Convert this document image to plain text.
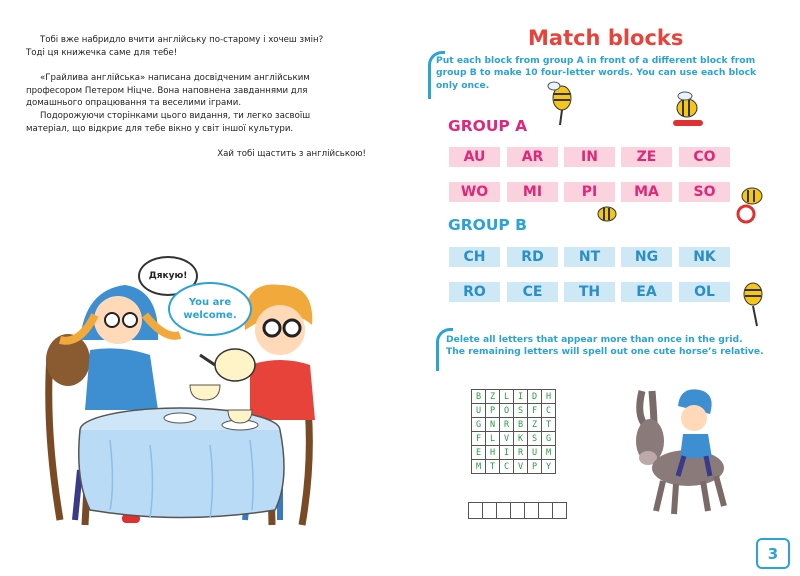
Тобі вже набридло вчити англійську по-старому і хочеш змін?

Тоді ця книжечка саме для тебе!

«Грайлива англійська» написана досвідченим англійським

професором Петером Ніцче. Вона наповнена завданнями для

домашнього опрацювання та веселими іграми.

Подорожуючи сторінками цього видання, ти легко засвоїш

матеріал, що відкриє для тебе вікно у світ іншої культури.

Хай тобі щастить з англійською!

Дякую!
You are
welcome.
Match blocks

Put each block from group A in front of a different block from

group B to make 10 four-letter words. You can use each block

only once.

GROUP A
AU	AR	IN	ZE	CO
WO	MI	PI	MA	SO
GROUP B
CH	RD	NT	NG	NK
RO	CE	TH	EA	OL

Delete all letters that appear more than once in the grid.

The remaining letters will spell out one cute horse’s relative.

B	Z	L	I	D	H
U	P	O	S	F	C
G	N	R	B	Z	T
F	L	V	K	S	G
E	H	I	R	U	M
M	T	C	V	P	Y
3
